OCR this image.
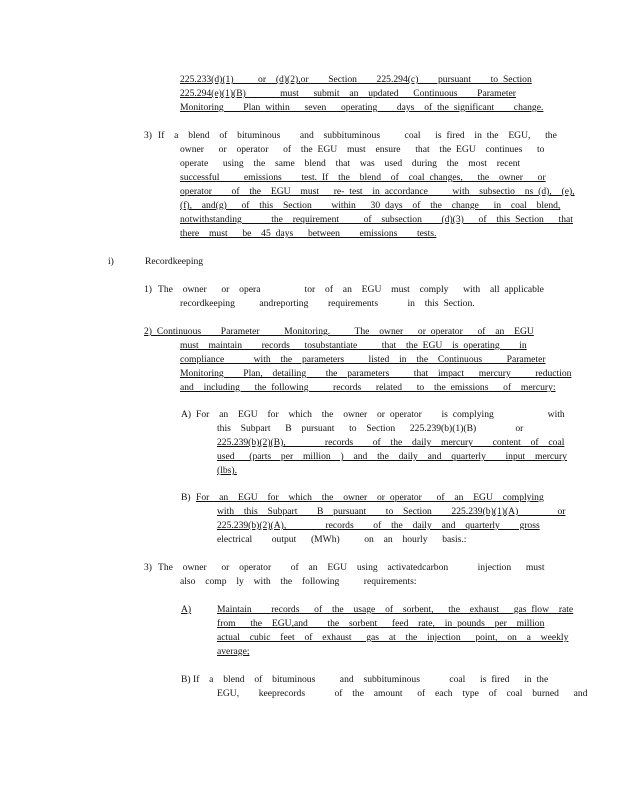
225.233(d)(1)     or  (d)(2),or    Section    225.294(c)    pursuant    to Section
225.294(e)(1)(B)       must   submit  an  updated   Continuous    Parameter
Monitoring    Plan within   seven   operating    days  of the significant    change.
3) If  a  blend  of  bituminous    and  subbituminous     coal   is fired  in the  EGU,   the
owner   or  operator   of  the EGU  must  ensure   that  the EGU  continues   to
operate   using  the  same  blend  that  was  used  during  the  most  recent
successful     emissions    test. If  the  blend  of  coal changes,   the  owner   or
operator    of  the  EGU  must   re- test  in accordance     with  subsectio  ns (d),  (e),
(f),  and(g)   of  this  Section    within   30 days  of  the  change   in  coal  blend,
notwithstanding      the  requirement     of  subsection    (d)(3)   of  this Section   that
there  must   be  45 days   between    emissions    tests.
i)	Recordkeeping
1) The  owner   or  opera         tor  of  an  EGU  must  comply   with  all applicable
recordkeeping     andreporting    requirements      in  this Section.
2) Continuous    Parameter     Monitoring.     The  owner   or operator   of  an  EGU
must  maintain    records   tosubstantiate     that  the EGU  is operating    in
compliance      with  the  parameters     listed  in  the  Continuous     Parameter
Monitoring    Plan,  detailing    the  parameters     that  impact   mercury     reduction
and  including   the following     records   related   to  the emissions   of  mercury:
A) For  an  EGU  for  which  the  owner  or operator    is complying           with
this  Subpart   B  pursuant   to  Section   225.239(b)(1)(B)        or
225.239(b)(2)(B),        records    of  the  daily  mercury    content  of  coal
used   (parts  per  million  )  and  the  daily  and  quarterly    input  mercury
(lbs).
B) For  an  EGU  for  which  the  owner  or operator   of  an  EGU  complying
with  this  Subpart    B  pursuant    to  Section    225.239(b)(1)(A)        or
225.239(b)(2)(A),        records    of  the  daily  and  quarterly    gross
electrical    output   (MWh)     on  an  hourly   basis.:
3) The  owner   or  operator    of  an  EGU  using  activatedcarbon      injection   must
also  comp  ly  with  the  following     requirements:
A)	Maintain    records   of  the  usage  of  sorbent,   the  exhaust   gas flow  rate
from   the  EGU,and    the  sorbent   feed  rate,  in pounds  per  million
actual  cubic  feet  of  exhaust   gas  at  the  injection   point,  on  a  weekly
average;
B) If  a  blend  of  bituminous     and  subbituminous      coal   is fired   in the
EGU,    keeprecords      of  the  amount   of  each  type  of  coal  burned   and
